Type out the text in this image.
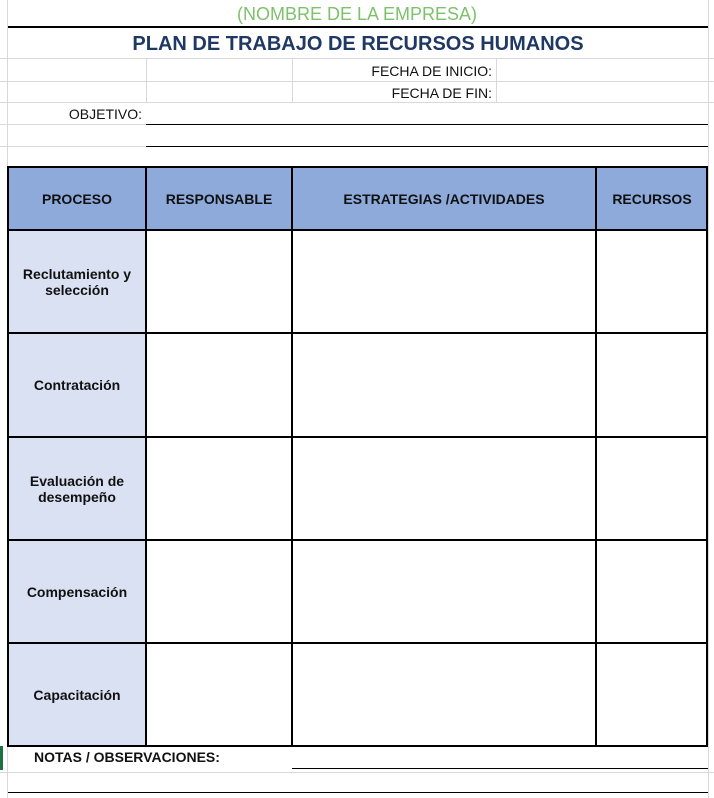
(NOMBRE DE LA EMPRESA)
PLAN DE TRABAJO DE RECURSOS HUMANOS
FECHA DE INICIO:
FECHA DE FIN:
OBJETIVO:
PROCESO	RESPONSABLE	ESTRATEGIAS /ACTIVIDADES	RECURSOS
Reclutamiento y selección
Contratación
Evaluación de desempeño
Compensación
Capacitación
NOTAS / OBSERVACIONES:
